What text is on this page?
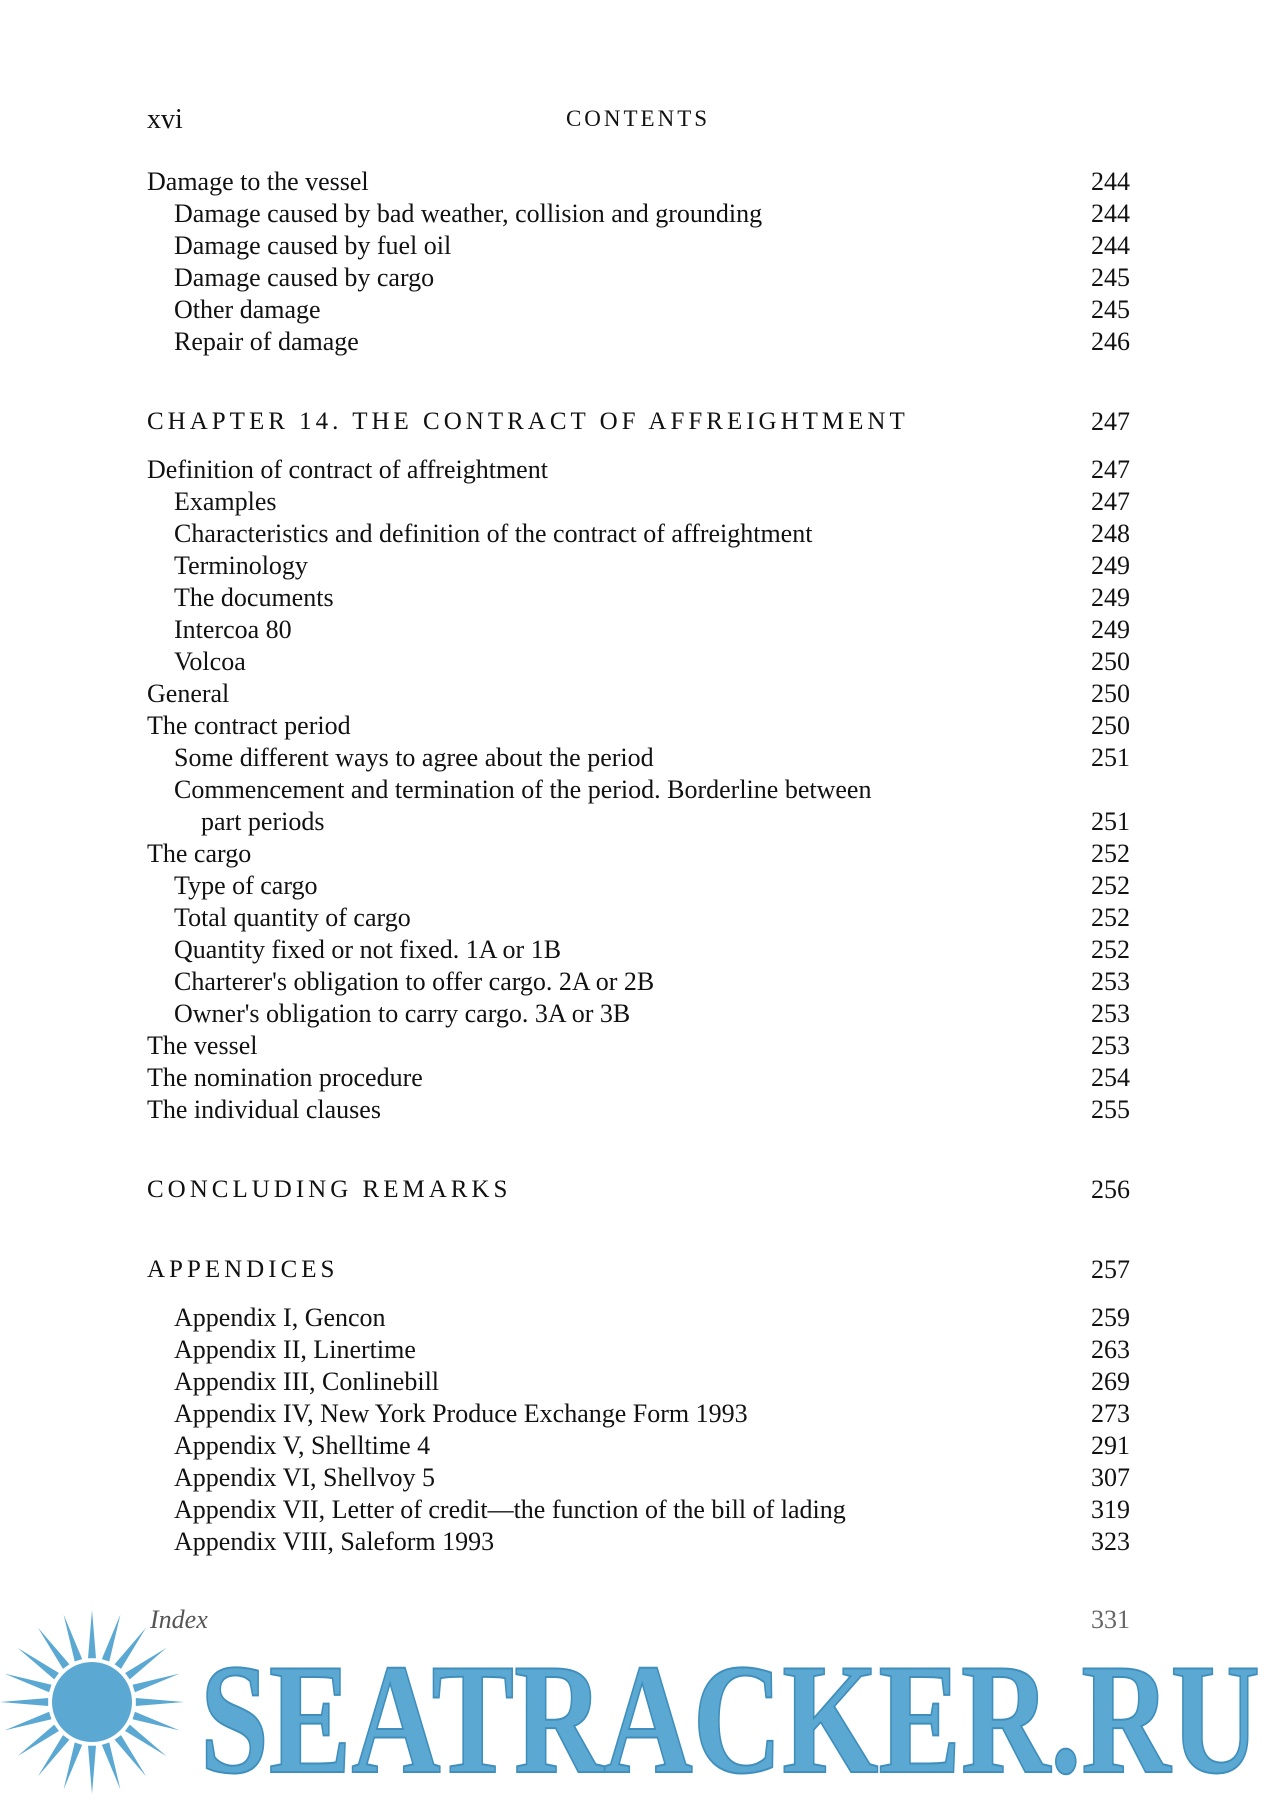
xvi	CONTENTS
Damage to the vessel	244
Damage caused by bad weather, collision and grounding	244
Damage caused by fuel oil	244
Damage caused by cargo	245
Other damage	245
Repair of damage	246
CHAPTER 14. THE CONTRACT OF AFFREIGHTMENT	247
Definition of contract of affreightment	247
Examples	247
Characteristics and definition of the contract of affreightment	248
Terminology	249
The documents	249
Intercoa 80	249
Volcoa	250
General	250
The contract period	250
Some different ways to agree about the period	251
Commencement and termination of the period. Borderline between
part periods	251
The cargo	252
Type of cargo	252
Total quantity of cargo	252
Quantity fixed or not fixed. 1A or 1B	252
Charterer's obligation to offer cargo. 2A or 2B	253
Owner's obligation to carry cargo. 3A or 3B	253
The vessel	253
The nomination procedure	254
The individual clauses	255
CONCLUDING REMARKS	256
APPENDICES	257
Appendix I, Gencon	259
Appendix II, Linertime	263
Appendix III, Conlinebill	269
Appendix IV, New York Produce Exchange Form 1993	273
Appendix V, Shelltime 4	291
Appendix VI, Shellvoy 5	307
Appendix VII, Letter of credit—the function of the bill of lading	319
Appendix VIII, Saleform 1993	323
Index	331
SEATRACKER.RU
